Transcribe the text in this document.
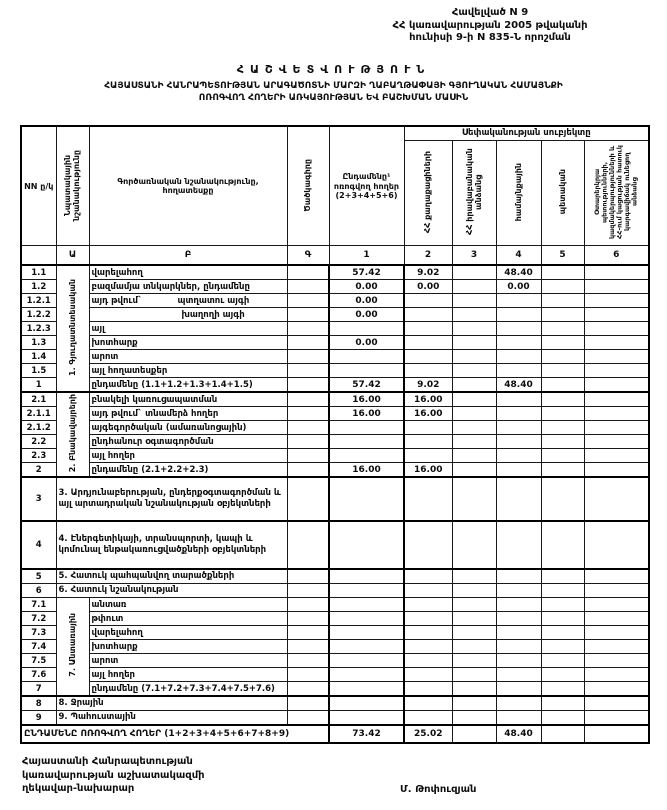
Հավելված N 9
ՀՀ կառավարության 2005 թվականի
հունիսի 9-ի N 835-Ն որոշման
ՀԱՇՎԵՏՎՈՒԹՅՈՒՆ
ՀԱՅԱՍՏԱՆԻ ՀԱՆՐԱՊԵՏՈՒԹՅԱՆ ԱՐԱԳԱԾՈՏՆԻ ՄԱՐԶԻ ՂԱԲԱՂԹԱՓԱՅԻ ԳՅՈՒՂԱԿԱՆ ՀԱՄԱՅՆՔԻ
ՈՌՈԳՎՈՂ ՀՈՂԵՐԻ ԱՌԿԱՅՈՒԹՅԱՆ ԵՎ ԲԱՇԽՄԱՆ ՄԱՍԻՆ
NN ը/կ	Նպատակային նշանակությունը	Գործառնական նշանակությունը, հողատեսքը	Ծածկագիրը	Ընդամենը¹ ոռոգվող հողեր (2+3+4+5+6)	Սեփականության սուբյեկտը				
					ՀՀ քաղաքացիների	ՀՀ իրավաբանական անձանց	համայնքային	պետական	Օտարերկրյա պետությունների, կազմակերպությունների և ՀՀ-ում կացության հատուկ կարգավիճակ ունեցող անձանց
	Ա	Բ	Գ	1	2	3	4	5	6
1.1	1. Գյուղատնտեսական	վարելահող		57.42	9.02		48.40		
1.2		բազմամյա տնկարկներ, ընդամենը		0.00	0.00		0.00		
1.2.1		այդ թվում` պտղատու այգի		0.00					
1.2.2		խաղողի այգի		0.00					
1.2.3		այլ							
1.3		խոտհարք		0.00					
1.4		արոտ							
1.5		այլ հողատեսքեր							
1		ընդամենը (1.1+1.2+1.3+1.4+1.5)		57.42	9.02		48.40		
2.1	2. Բնակավայրերի	բնակելի կառուցապատման		16.00	16.00				
2.1.1		այդ թվում` տնամերձ հողեր		16.00	16.00				
2.1.2		այգեգործական (ամառանոցային)							
2.2		ընդհանուր օգտագործման							
2.3		այլ հողեր							
2		ընդամենը (2.1+2.2+2.3)		16.00	16.00				
3	3. Արդյունաբերության, ընդերքօգտագործման և այլ արտադրական նշանակության օբյեկտների								
4	4. Էներգետիկայի, տրանսպորտի, կապի և կոմունալ ենթակառուցվածքների օբյեկտների								
5	5. Հատուկ պահպանվող տարածքների								
6	6. Հատուկ նշանակության								
7.1	7. Անտառային	անտառ							
7.2		թփուտ							
7.3		վարելահող							
7.4		խոտհարք							
7.5		արոտ							
7.6		այլ հողեր							
7		ընդամենը (7.1+7.2+7.3+7.4+7.5+7.6)							
8	8. Ջրային								
9	9. Պահուստային								
ԸՆԴԱՄԵՆԸ ՈՌՈԳՎՈՂ ՀՈՂԵՐ (1+2+3+4+5+6+7+8+9)				73.42	25.02		48.40		
Հայաստանի Հանրապետության
կառավարության աշխատակազմի
ղեկավար-նախարար	Մ. Թոփուզյան
